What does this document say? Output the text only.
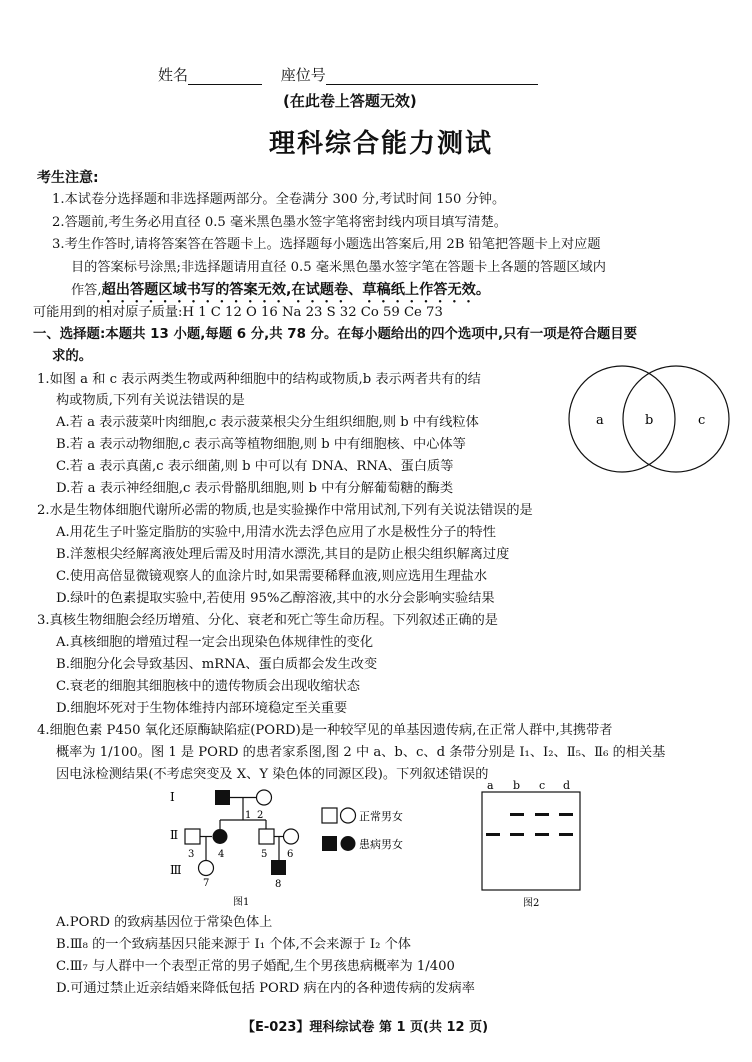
姓名	座位号
(在此卷上答题无效)
理科综合能力测试
考生注意:
1.本试卷分选择题和非选择题两部分。全卷满分 300 分,考试时间 150 分钟。
2.答题前,考生务必用直径 0.5 毫米黑色墨水签字笔将密封线内项目填写清楚。
3.考生作答时,请将答案答在答题卡上。选择题每小题选出答案后,用 2B 铅笔把答题卡上对应题
目的答案标号涂黑;非选择题请用直径 0.5 毫米黑色墨水签字笔在答题卡上各题的答题区域内
作答,超出答题区域书写的答案无效,在试题卷、草稿纸上作答无效。
可能用到的相对原子质量:H 1 C 12 O 16 Na 23 S 32 Co 59 Ce 73
一、选择题:本题共 13 小题,每题 6 分,共 78 分。在每小题给出的四个选项中,只有一项是符合题目要
求的。
1.如图 a 和 c 表示两类生物或两种细胞中的结构或物质,b 表示两者共有的结
构或物质,下列有关说法错误的是
A.若 a 表示菠菜叶肉细胞,c 表示菠菜根尖分生组织细胞,则 b 中有线粒体
B.若 a 表示动物细胞,c 表示高等植物细胞,则 b 中有细胞核、中心体等
C.若 a 表示真菌,c 表示细菌,则 b 中可以有 DNA、RNA、蛋白质等
D.若 a 表示神经细胞,c 表示骨骼肌细胞,则 b 中有分解葡萄糖的酶类
a	b	c
2.水是生物体细胞代谢所必需的物质,也是实验操作中常用试剂,下列有关说法错误的是
A.用花生子叶鉴定脂肪的实验中,用清水洗去浮色应用了水是极性分子的特性
B.洋葱根尖经解离液处理后需及时用清水漂洗,其目的是防止根尖组织解离过度
C.使用高倍显微镜观察人的血涂片时,如果需要稀释血液,则应选用生理盐水
D.绿叶的色素提取实验中,若使用 95%乙醇溶液,其中的水分会影响实验结果
3.真核生物细胞会经历增殖、分化、衰老和死亡等生命历程。下列叙述正确的是
A.真核细胞的增殖过程一定会出现染色体规律性的变化
B.细胞分化会导致基因、mRNA、蛋白质都会发生改变
C.衰老的细胞其细胞核中的遗传物质会出现收缩状态
D.细胞坏死对于生物体维持内部环境稳定至关重要
4.细胞色素 P450 氧化还原酶缺陷症(PORD)是一种较罕见的单基因遗传病,在正常人群中,其携带者
概率为 1/100。图 1 是 PORD 的患者家系图,图 2 中 a、b、c、d 条带分别是 Ⅰ₁、Ⅰ₂、Ⅱ₅、Ⅱ₆ 的相关基
因电泳检测结果(不考虑突变及 X、Y 染色体的同源区段)。下列叙述错误的
Ⅰ
Ⅱ
Ⅲ
1 2
3 4	5 6
7	8
正常男女
患病男女
图1
a b c d
图2
A.PORD 的致病基因位于常染色体上
B.Ⅲ₈ 的一个致病基因只能来源于 Ⅰ₁ 个体,不会来源于 Ⅰ₂ 个体
C.Ⅲ₇ 与人群中一个表型正常的男子婚配,生个男孩患病概率为 1/400
D.可通过禁止近亲结婚来降低包括 PORD 病在内的各种遗传病的发病率
【E-023】理科综试卷 第 1 页(共 12 页)
